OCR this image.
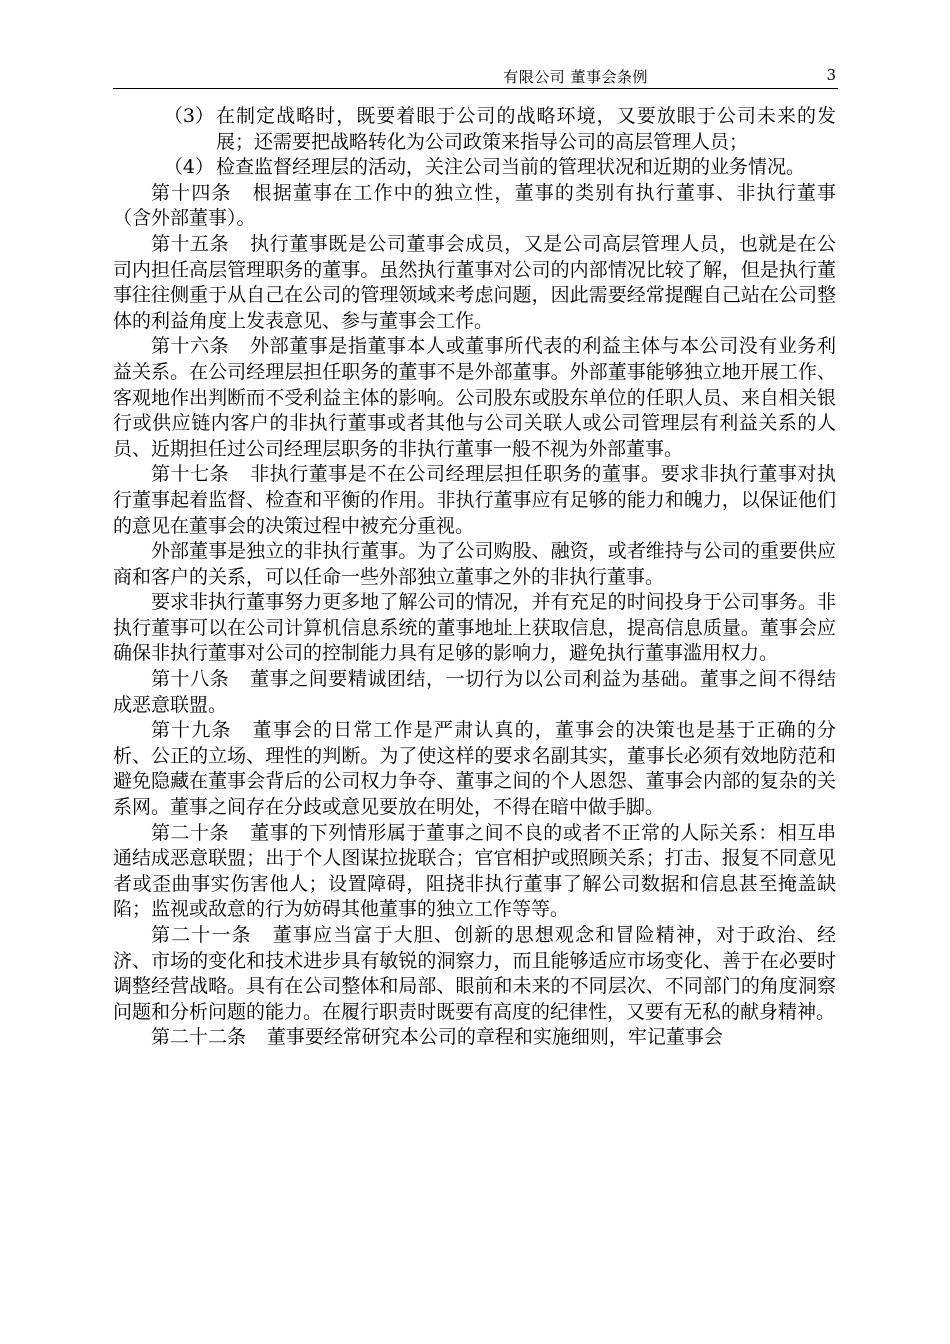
有限公司 董事会条例	3
（3） 在制定战略时，既要着眼于公司的战略环境，又要放眼于公司未来的发展；还需要把战略转化为公司政策来指导公司的高层管理人员；
（4） 检查监督经理层的活动，关注公司当前的管理状况和近期的业务情况。

第十四条 根据董事在工作中的独立性，董事的类别有执行董事、非执行董事（含外部董事）。

第十五条 执行董事既是公司董事会成员，又是公司高层管理人员，也就是在公司内担任高层管理职务的董事。虽然执行董事对公司的内部情况比较了解，但是执行董事往往侧重于从自己在公司的管理领域来考虑问题，因此需要经常提醒自己站在公司整体的利益角度上发表意见、参与董事会工作。

第十六条 外部董事是指董事本人或董事所代表的利益主体与本公司没有业务利益关系。在公司经理层担任职务的董事不是外部董事。外部董事能够独立地开展工作、客观地作出判断而不受利益主体的影响。公司股东或股东单位的任职人员、来自相关银行或供应链内客户的非执行董事或者其他与公司关联人或公司管理层有利益关系的人员、近期担任过公司经理层职务的非执行董事一般不视为外部董事。

第十七条 非执行董事是不在公司经理层担任职务的董事。要求非执行董事对执行董事起着监督、检查和平衡的作用。非执行董事应有足够的能力和魄力，以保证他们的意见在董事会的决策过程中被充分重视。

外部董事是独立的非执行董事。为了公司购股、融资，或者维持与公司的重要供应商和客户的关系，可以任命一些外部独立董事之外的非执行董事。

要求非执行董事努力更多地了解公司的情况，并有充足的时间投身于公司事务。非执行董事可以在公司计算机信息系统的董事地址上获取信息，提高信息质量。董事会应确保非执行董事对公司的控制能力具有足够的影响力，避免执行董事滥用权力。

第十八条 董事之间要精诚团结，一切行为以公司利益为基础。董事之间不得结成恶意联盟。

第十九条 董事会的日常工作是严肃认真的，董事会的决策也是基于正确的分析、公正的立场、理性的判断。为了使这样的要求名副其实，董事长必须有效地防范和避免隐藏在董事会背后的公司权力争夺、董事之间的个人恩怨、董事会内部的复杂的关系网。董事之间存在分歧或意见要放在明处，不得在暗中做手脚。

第二十条 董事的下列情形属于董事之间不良的或者不正常的人际关系：相互串通结成恶意联盟；出于个人图谋拉拢联合；官官相护或照顾关系；打击、报复不同意见者或歪曲事实伤害他人；设置障碍，阻挠非执行董事了解公司数据和信息甚至掩盖缺陷；监视或敌意的行为妨碍其他董事的独立工作等等。

第二十一条 董事应当富于大胆、创新的思想观念和冒险精神，对于政治、经济、市场的变化和技术进步具有敏锐的洞察力，而且能够适应市场变化、善于在必要时调整经营战略。具有在公司整体和局部、眼前和未来的不同层次、不同部门的角度洞察问题和分析问题的能力。在履行职责时既要有高度的纪律性，又要有无私的献身精神。

第二十二条 董事要经常研究本公司的章程和实施细则，牢记董事会
